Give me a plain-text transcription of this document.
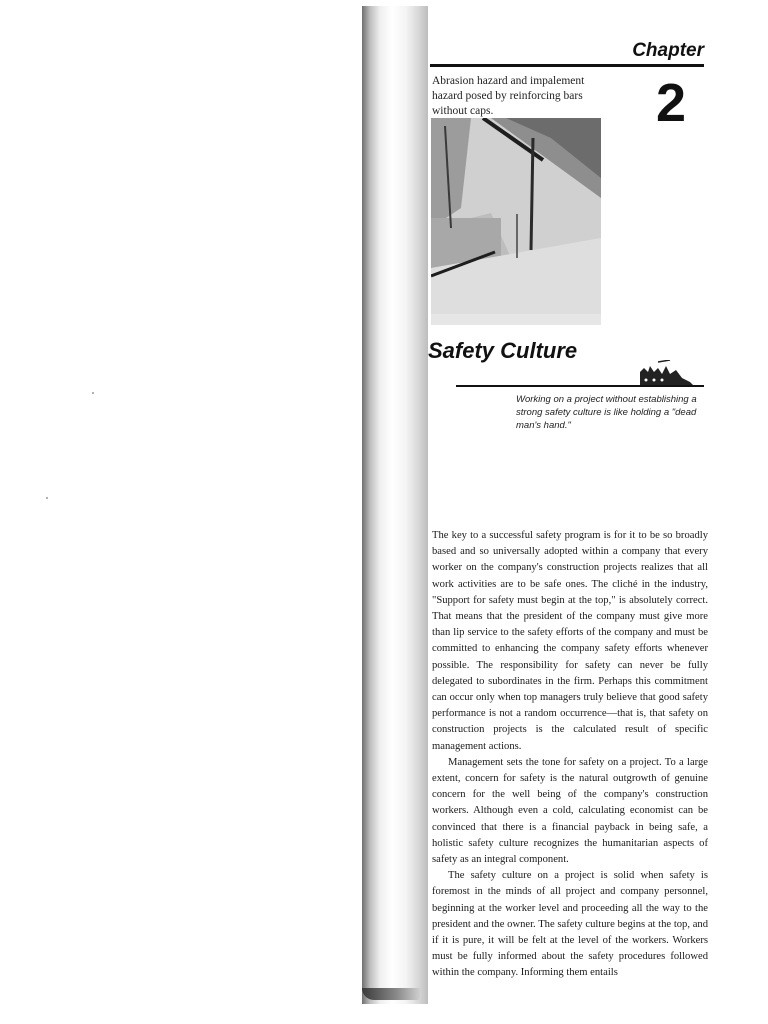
Chapter
2
Abrasion hazard and impalement hazard posed by reinforcing bars without caps.
Safety Culture
Working on a project without establishing a strong safety culture is like holding a "dead man's hand."

The key to a successful safety program is for it to be so broadly based and so universally adopted within a company that every worker on the company's construction projects realizes that all work activities are to be safe ones. The cliché in the industry, "Support for safety must begin at the top," is absolutely correct. That means that the president of the company must give more than lip service to the safety efforts of the company and must be committed to enhancing the company safety efforts whenever possible. The responsibility for safety can never be fully delegated to subordinates in the firm. Perhaps this commitment can occur only when top managers truly believe that good safety performance is not a random occurrence—that is, that safety on construction projects is the calculated result of specific management actions.

Management sets the tone for safety on a project. To a large extent, concern for safety is the natural outgrowth of genuine concern for the well being of the company's construction workers. Although even a cold, calculating economist can be convinced that there is a financial payback in being safe, a holistic safety culture recognizes the humanitarian aspects of safety as an integral component.

The safety culture on a project is solid when safety is foremost in the minds of all project and company personnel, beginning at the worker level and proceeding all the way to the president and the owner. The safety culture begins at the top, and if it is pure, it will be felt at the level of the workers. Workers must be fully informed about the safety procedures followed within the company. Informing them entails
